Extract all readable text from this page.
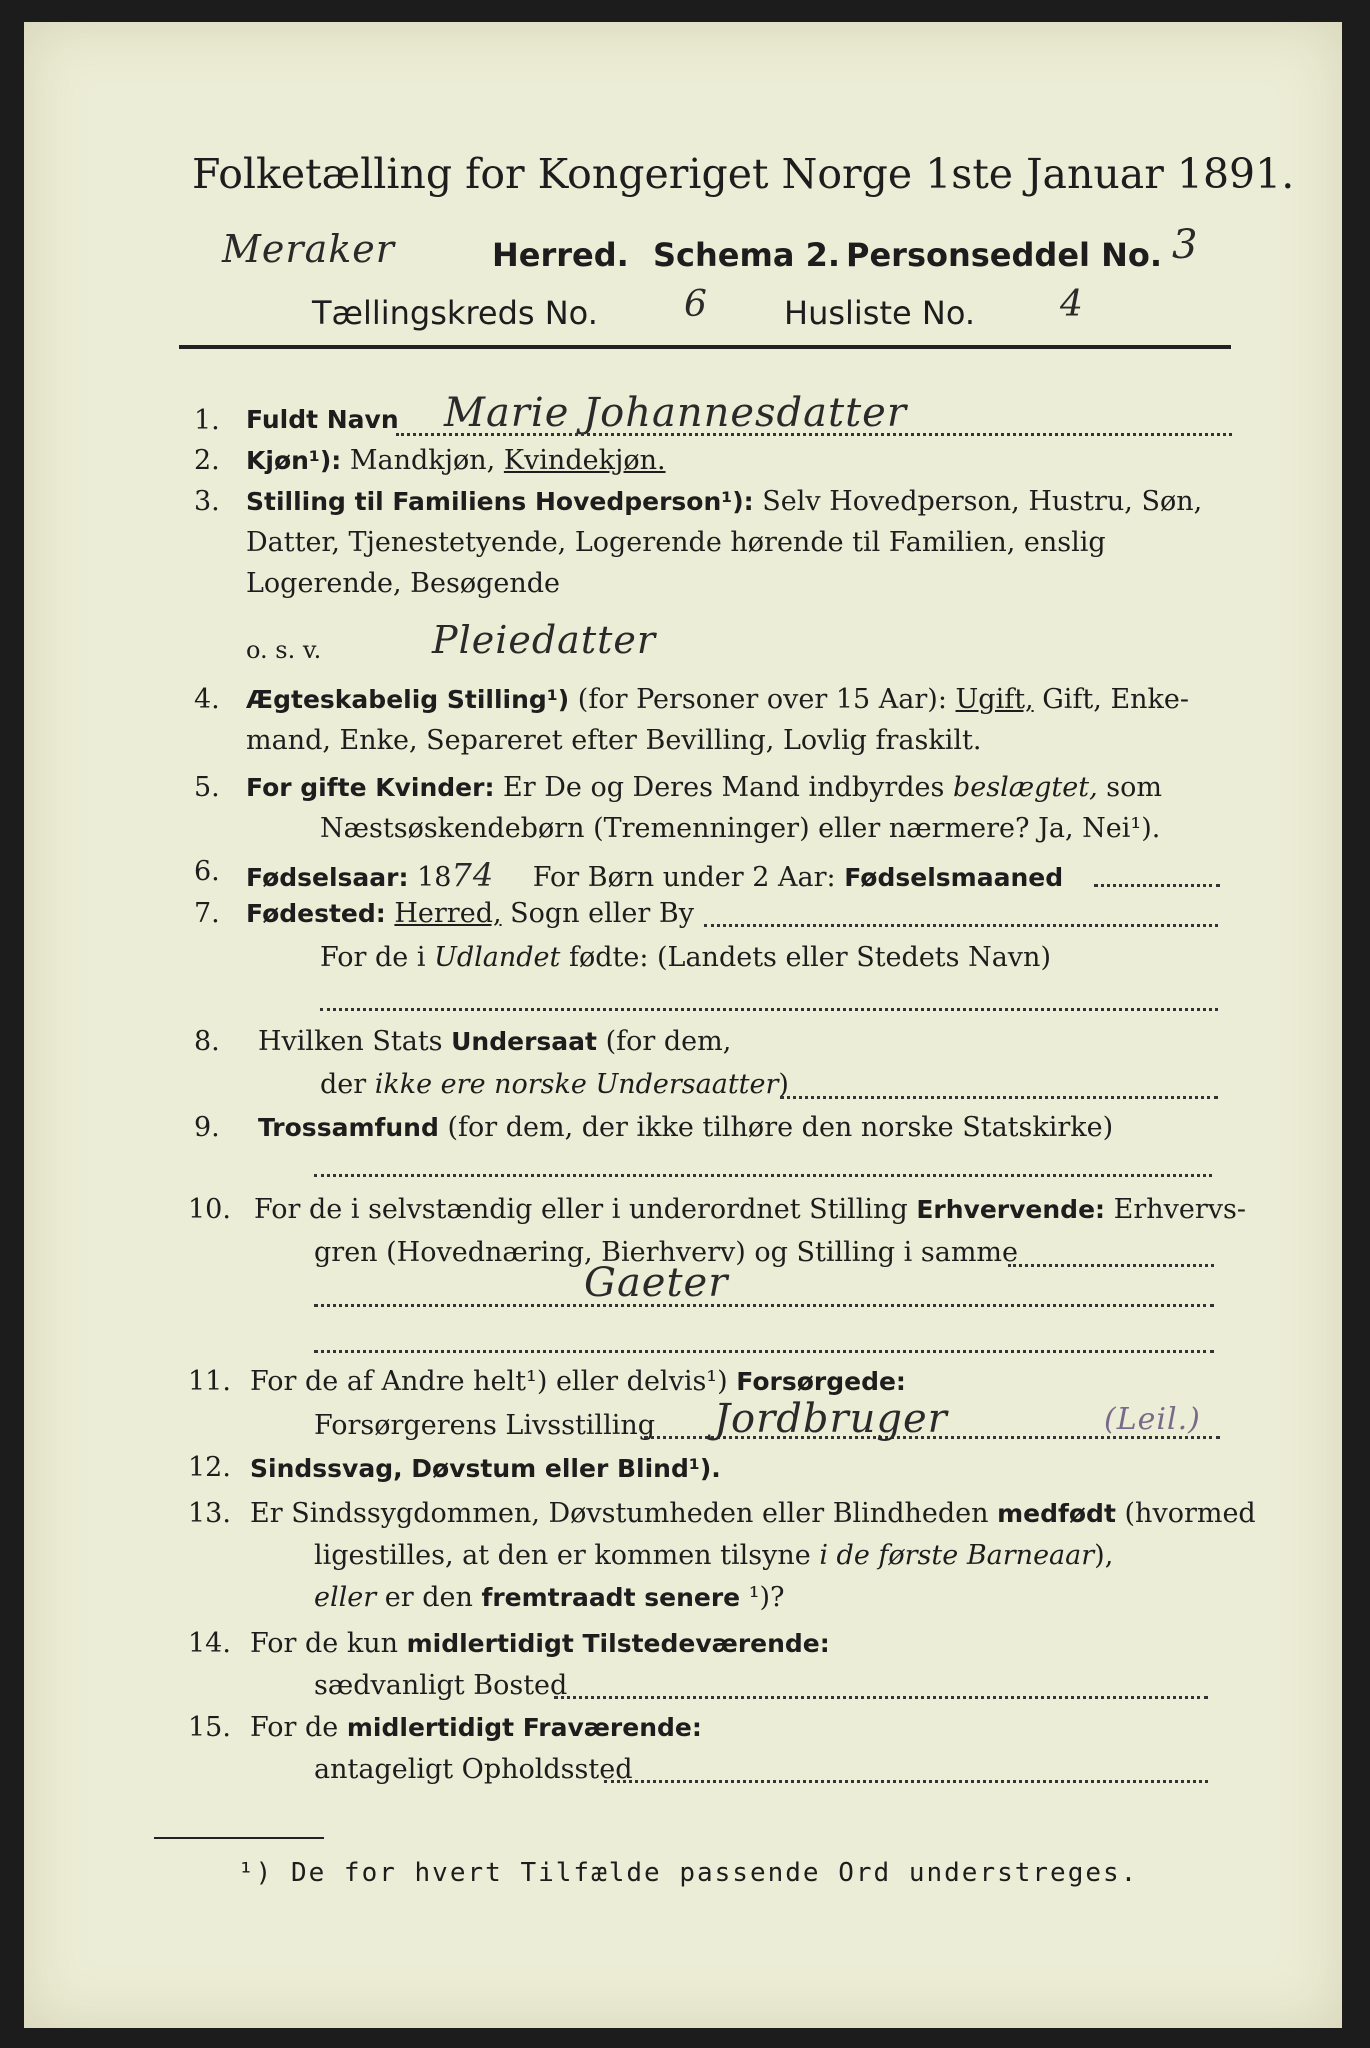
Folketælling for Kongeriget Norge 1ste Januar 1891.
Meraker	Herred. Schema 2. Personseddel No. 3
Tællingskreds No. 6 Husliste No. 4
1. Fuldt Navn Marie Johannesdatter
2. Kjøn¹): Mandkjøn, Kvindekjøn.
3. Stilling til Familiens Hovedperson¹): Selv Hovedperson, Hustru, Søn,
Datter, Tjenestetyende, Logerende hørende til Familien, enslig
Logerende, Besøgende
o. s. v.	Pleiedatter
4. Ægteskabelig Stilling¹) (for Personer over 15 Aar): Ugift, Gift, Enke-
mand, Enke, Separeret efter Bevilling, Lovlig fraskilt.
5. For gifte Kvinder: Er De og Deres Mand indbyrdes beslægtet, som
Næstsøskendebørn (Tremenninger) eller nærmere? Ja, Nei¹).
6. Fødselsaar: 1874 For Børn under 2 Aar: Fødselsmaaned
7. Fødested: Herred, Sogn eller By
For de i Udlandet fødte: (Landets eller Stedets Navn)
8. Hvilken Stats Undersaat (for dem,
der ikke ere norske Undersaatter)
9. Trossamfund (for dem, der ikke tilhøre den norske Statskirke)
10. For de i selvstændig eller i underordnet Stilling Erhvervende: Erhvervs-
gren (Hovednæring, Bierhverv) og Stilling i samme
Gaeter
11. For de af Andre helt¹) eller delvis¹) Forsørgede:
Forsørgerens Livsstilling Jordbruger	(Leil.)
12. Sindssvag, Døvstum eller Blind¹).
13. Er Sindssygdommen, Døvstumheden eller Blindheden medfødt (hvormed
ligestilles, at den er kommen tilsyne i de første Barneaar),
eller er den fremtraadt senere ¹)?
14. For de kun midlertidigt Tilstedeværende:
sædvanligt Bosted
15. For de midlertidigt Fraværende:
antageligt Opholdssted
¹) De for hvert Tilfælde passende Ord understreges.
